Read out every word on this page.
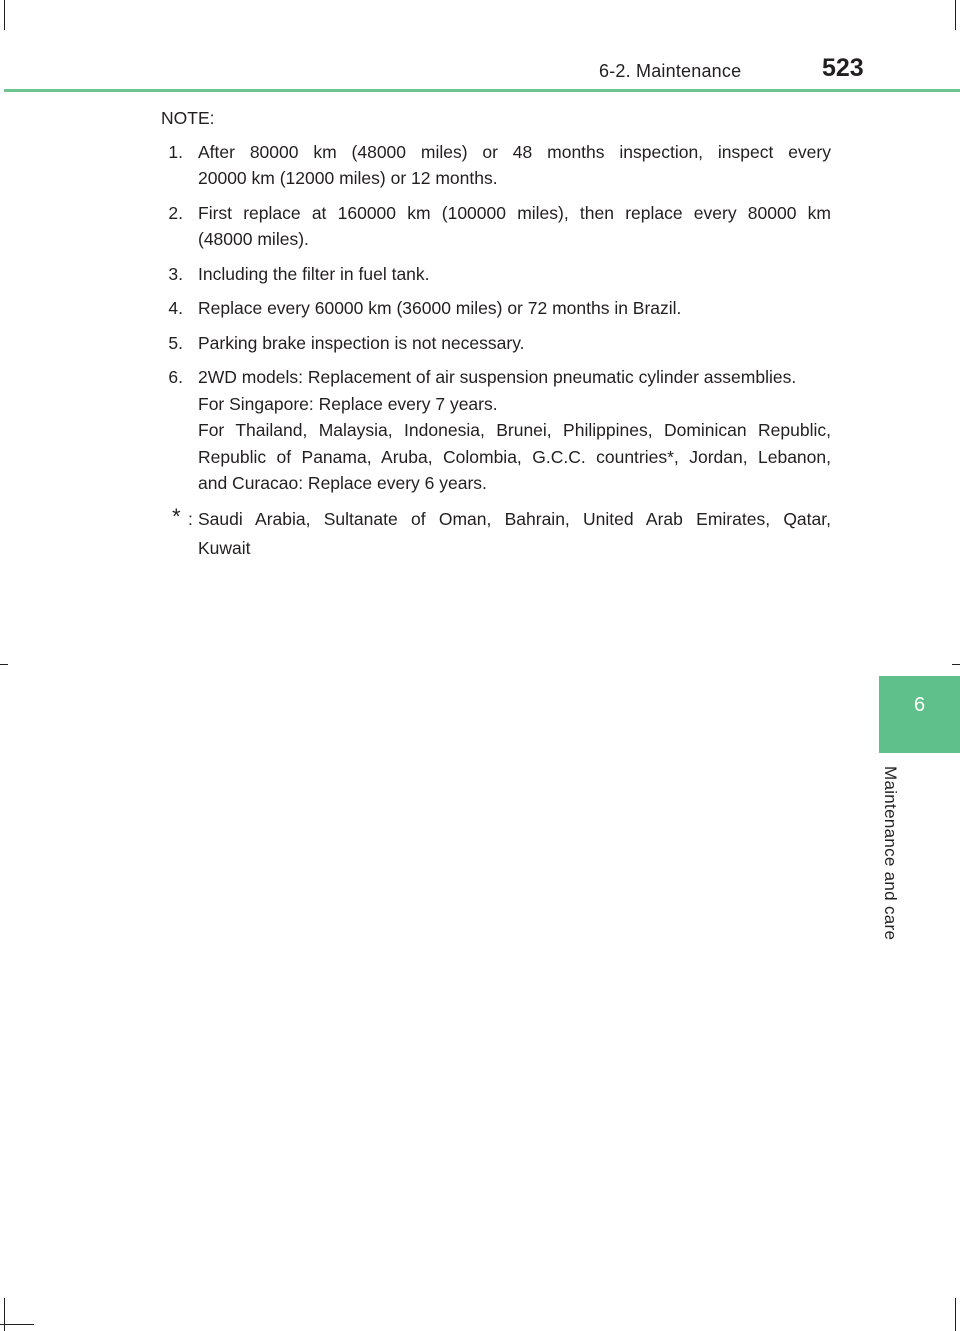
6-2. Maintenance	523
6
Maintenance and care
NOTE:
1. After 80000 km (48000 miles) or 48 months inspection, inspect every
20000 km (12000 miles) or 12 months.
2. First replace at 160000 km (100000 miles), then replace every 80000 km
(48000 miles).
3. Including the filter in fuel tank.
4. Replace every 60000 km (36000 miles) or 72 months in Brazil.
5. Parking brake inspection is not necessary.
6. 2WD models: Replacement of air suspension pneumatic cylinder assemblies.
For Singapore: Replace every 7 years.
For Thailand, Malaysia, Indonesia, Brunei, Philippines, Dominican Republic,
Republic of Panama, Aruba, Colombia, G.C.C. countries*, Jordan, Lebanon,
and Curacao: Replace every 6 years.
* : Saudi Arabia, Sultanate of Oman, Bahrain, United Arab Emirates, Qatar,
Kuwait
